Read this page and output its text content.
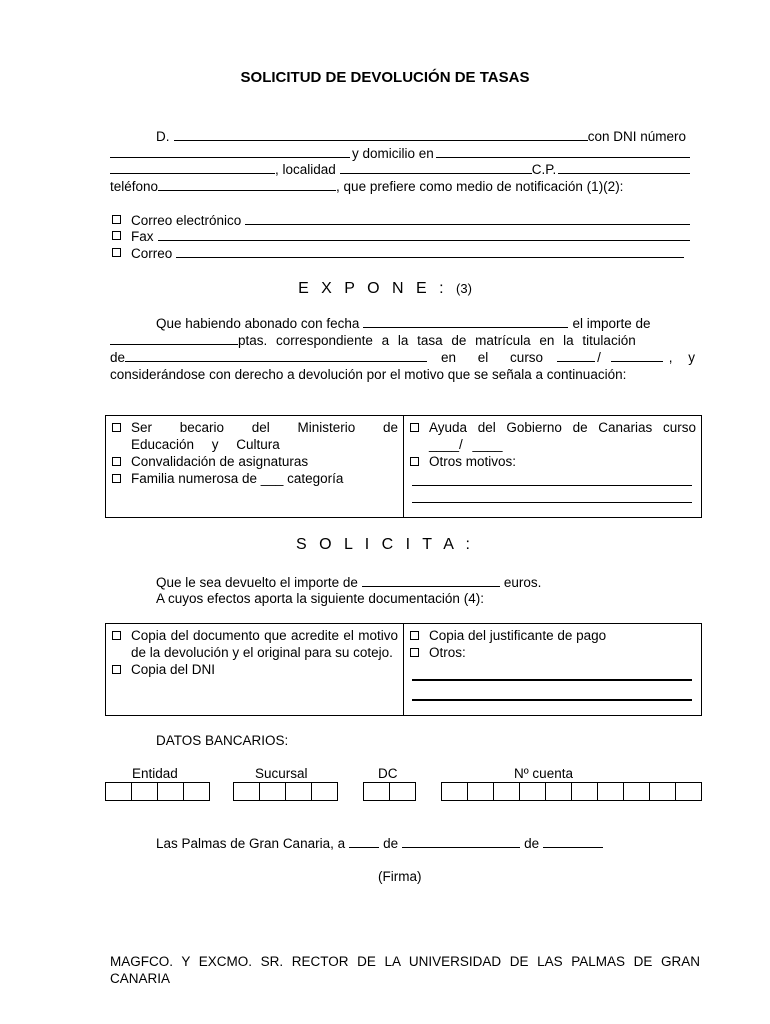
SOLICITUD DE DEVOLUCIÓN DE TASAS
D.	con DNI número
y domicilio en
, localidad	C.P.
teléfono	, que prefiere como medio de notificación (1)(2):
Correo electrónico
Fax
Correo
E X P O N E : (3)
Que habiendo abonado con fecha	el importe de
ptas. correspondiente a la tasa de matrícula en la titulación
de	en el curso	/	, y
considerándose con derecho a devolución por el motivo que se señala a continuación:
Ser becario del Ministerio de Educación y Cultura
Convalidación de asignaturas
Familia numerosa de ___ categoría

Ayuda del Gobierno de Canarias curso ____/ ____
Otros motivos:
S O L I C I T A :
Que le sea devuelto el importe de	euros.
A cuyos efectos aporta la siguiente documentación (4):
Copia del documento que acredite el motivo de la devolución y el original para su cotejo.
Copia del DNI

Copia del justificante de pago
Otros:
DATOS BANCARIOS:
Entidad	Sucursal	DC	Nº cuenta
Las Palmas de Gran Canaria, a	de	de
(Firma)
MAGFCO. Y EXCMO. SR. RECTOR DE LA UNIVERSIDAD DE LAS PALMAS DE GRAN CANARIA
